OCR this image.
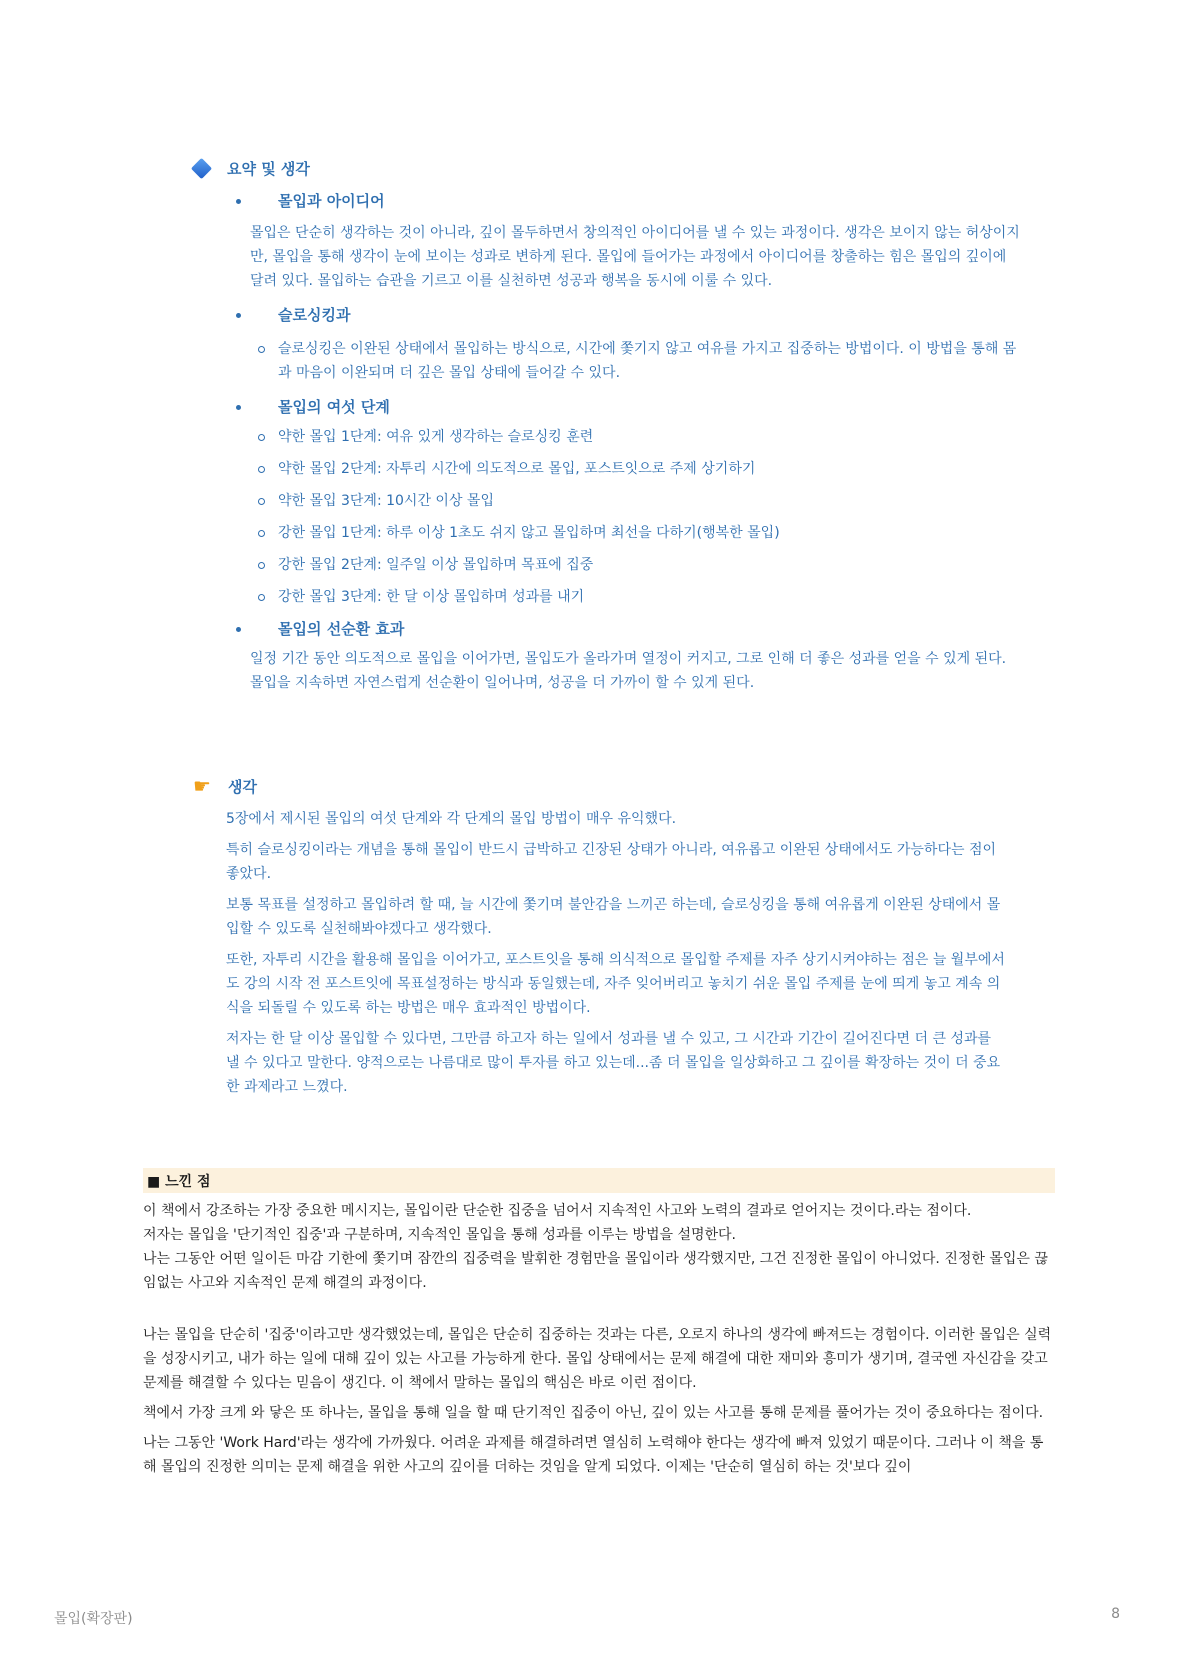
요약 및 생각
몰입과 아이디어
몰입은 단순히 생각하는 것이 아니라, 깊이 몰두하면서 창의적인 아이디어를 낼 수 있는 과정이다. 생각은 보이지 않는 허상이지만, 몰입을 통해 생각이 눈에 보이는 성과로 변하게 된다. 몰입에 들어가는 과정에서 아이디어를 창출하는 힘은 몰입의 깊이에 달려 있다. 몰입하는 습관을 기르고 이를 실천하면 성공과 행복을 동시에 이룰 수 있다.
슬로싱킹과
슬로싱킹은 이완된 상태에서 몰입하는 방식으로, 시간에 쫓기지 않고 여유를 가지고 집중하는 방법이다. 이 방법을 통해 몸과 마음이 이완되며 더 깊은 몰입 상태에 들어갈 수 있다.
몰입의 여섯 단계
약한 몰입 1단계: 여유 있게 생각하는 슬로싱킹 훈련
약한 몰입 2단계: 자투리 시간에 의도적으로 몰입, 포스트잇으로 주제 상기하기
약한 몰입 3단계: 10시간 이상 몰입
강한 몰입 1단계: 하루 이상 1초도 쉬지 않고 몰입하며 최선을 다하기(행복한 몰입)
강한 몰입 2단계: 일주일 이상 몰입하며 목표에 집중
강한 몰입 3단계: 한 달 이상 몰입하며 성과를 내기
몰입의 선순환 효과
일정 기간 동안 의도적으로 몰입을 이어가면, 몰입도가 올라가며 열정이 커지고, 그로 인해 더 좋은 성과를 얻을 수 있게 된다. 몰입을 지속하면 자연스럽게 선순환이 일어나며, 성공을 더 가까이 할 수 있게 된다.
☛ 생각

5장에서 제시된 몰입의 여섯 단계와 각 단계의 몰입 방법이 매우 유익했다.

특히 슬로싱킹이라는 개념을 통해 몰입이 반드시 급박하고 긴장된 상태가 아니라, 여유롭고 이완된 상태에서도 가능하다는 점이 좋았다.

보통 목표를 설정하고 몰입하려 할 때, 늘 시간에 쫓기며 불안감을 느끼곤 하는데, 슬로싱킹을 통해 여유롭게 이완된 상태에서 몰입할 수 있도록 실천해봐야겠다고 생각했다.

또한, 자투리 시간을 활용해 몰입을 이어가고, 포스트잇을 통해 의식적으로 몰입할 주제를 자주 상기시켜야하는 점은 늘 월부에서도 강의 시작 전 포스트잇에 목표설정하는 방식과 동일했는데, 자주 잊어버리고 놓치기 쉬운 몰입 주제를 눈에 띄게 놓고 계속 의식을 되돌릴 수 있도록 하는 방법은 매우 효과적인 방법이다.

저자는 한 달 이상 몰입할 수 있다면, 그만큼 하고자 하는 일에서 성과를 낼 수 있고, 그 시간과 기간이 길어진다면 더 큰 성과를 낼 수 있다고 말한다. 양적으로는 나름대로 많이 투자를 하고 있는데...좀 더 몰입을 일상화하고 그 깊이를 확장하는 것이 더 중요한 과제라고 느꼈다.

■ 느낀 점

이 책에서 강조하는 가장 중요한 메시지는, 몰입이란 단순한 집중을 넘어서 지속적인 사고와 노력의 결과로 얻어지는 것이다.라는 점이다.

저자는 몰입을 '단기적인 집중'과 구분하며, 지속적인 몰입을 통해 성과를 이루는 방법을 설명한다.

나는 그동안 어떤 일이든 마감 기한에 쫓기며 잠깐의 집중력을 발휘한 경험만을 몰입이라 생각했지만, 그건 진정한 몰입이 아니었다. 진정한 몰입은 끊임없는 사고와 지속적인 문제 해결의 과정이다.

나는 몰입을 단순히 '집중'이라고만 생각했었는데, 몰입은 단순히 집중하는 것과는 다른, 오로지 하나의 생각에 빠져드는 경험이다. 이러한 몰입은 실력을 성장시키고, 내가 하는 일에 대해 깊이 있는 사고를 가능하게 한다. 몰입 상태에서는 문제 해결에 대한 재미와 흥미가 생기며, 결국엔 자신감을 갖고 문제를 해결할 수 있다는 믿음이 생긴다. 이 책에서 말하는 몰입의 핵심은 바로 이런 점이다.

책에서 가장 크게 와 닿은 또 하나는, 몰입을 통해 일을 할 때 단기적인 집중이 아닌, 깊이 있는 사고를 통해 문제를 풀어가는 것이 중요하다는 점이다.

나는 그동안 'Work Hard'라는 생각에 가까웠다. 어려운 과제를 해결하려면 열심히 노력해야 한다는 생각에 빠져 있었기 때문이다. 그러나 이 책을 통해 몰입의 진정한 의미는 문제 해결을 위한 사고의 깊이를 더하는 것임을 알게 되었다. 이제는 '단순히 열심히 하는 것'보다 깊이

몰입(확장판)	8
